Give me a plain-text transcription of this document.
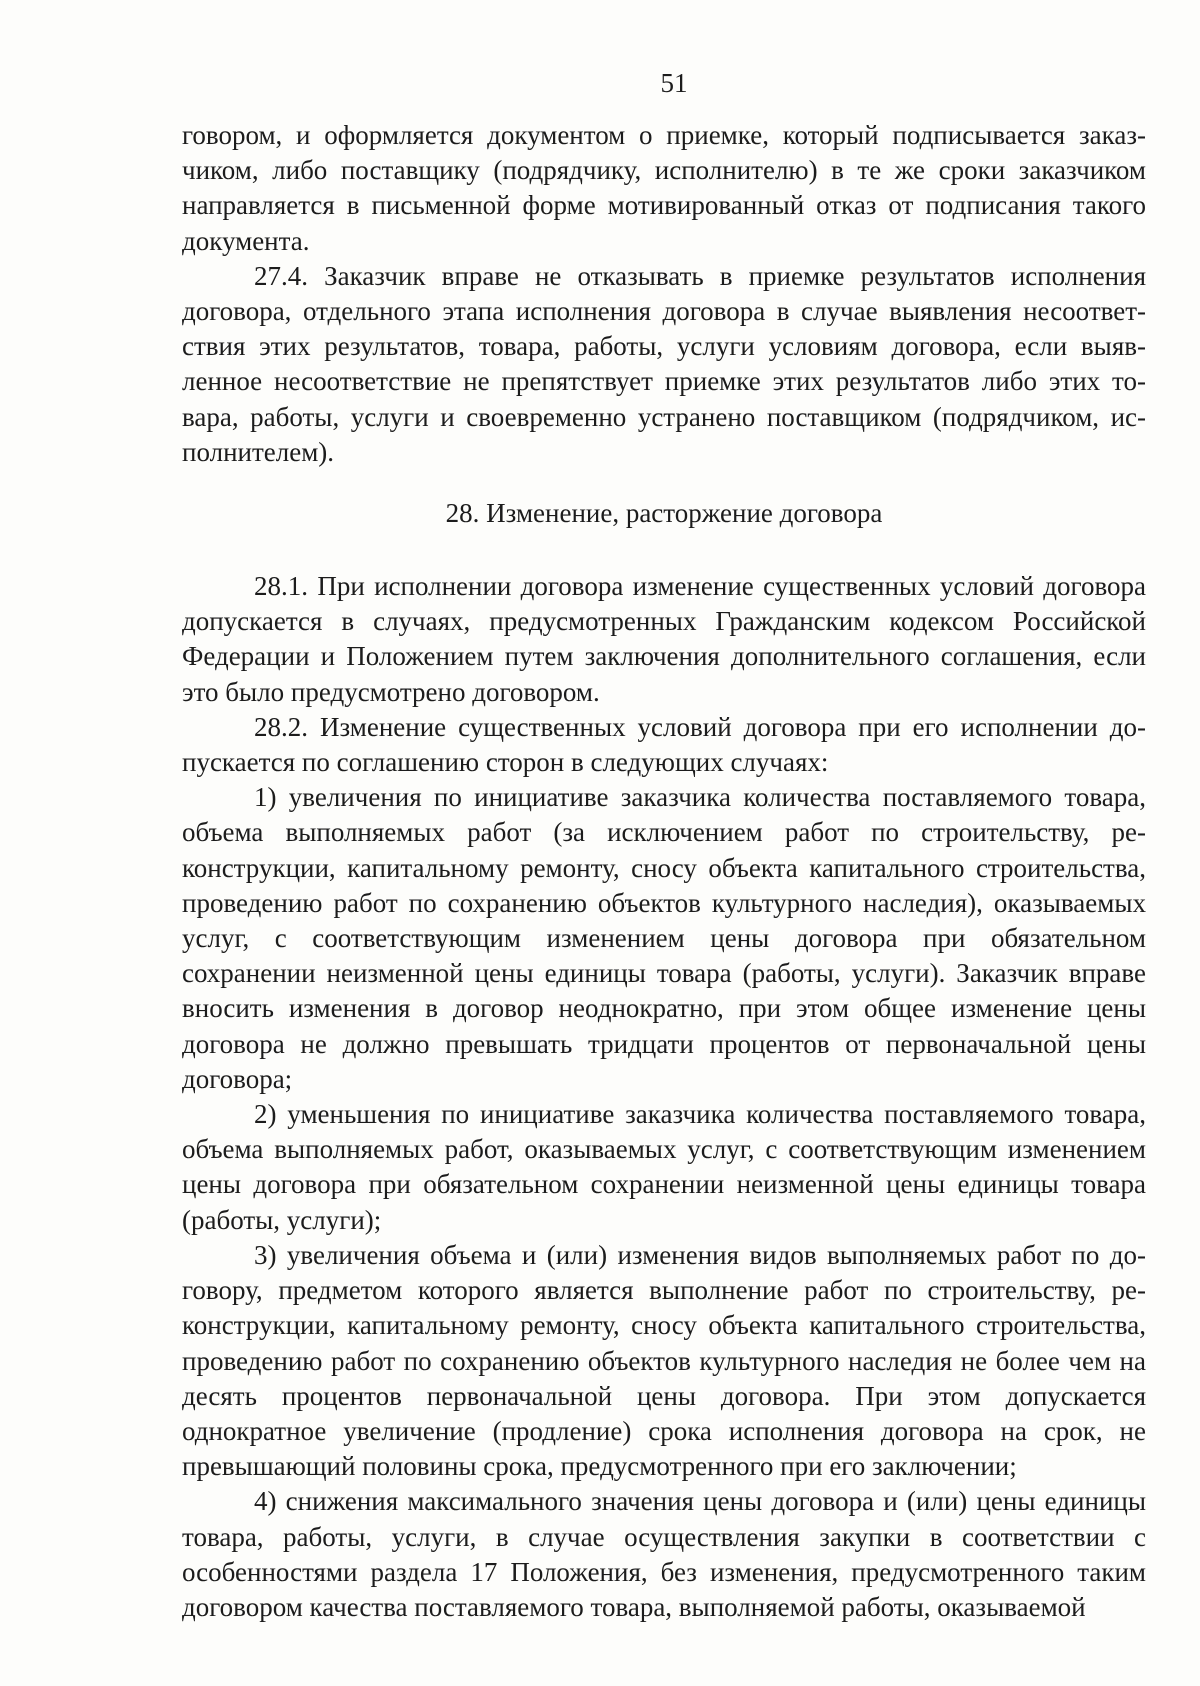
51

говором, и оформляется документом о приемке, который подписывается заказчиком, либо поставщику (подрядчику, исполнителю) в те же сроки заказчиком направляется в письменной форме мотивированный отказ от подписания такого документа.

27.4. Заказчик вправе не отказывать в приемке результатов исполнения договора, отдельного этапа исполнения договора в случае выявления несоответствия этих результатов, товара, работы, услуги условиям договора, если выявленное несоответствие не препятствует приемке этих результатов либо этих товара, работы, услуги и своевременно устранено поставщиком (подрядчиком, исполнителем).

28. Изменение, расторжение договора

28.1. При исполнении договора изменение существенных условий договора допускается в случаях, предусмотренных Гражданским кодексом Российской Федерации и Положением путем заключения дополнительного соглашения, если это было предусмотрено договором.

28.2. Изменение существенных условий договора при его исполнении допускается по соглашению сторон в следующих случаях:

1) увеличения по инициативе заказчика количества поставляемого товара, объема выполняемых работ (за исключением работ по строительству, реконструкции, капитальному ремонту, сносу объекта капитального строительства, проведению работ по сохранению объектов культурного наследия), оказываемых услуг, с соответствующим изменением цены договора при обязательном сохранении неизменной цены единицы товара (работы, услуги). Заказчик вправе вносить изменения в договор неоднократно, при этом общее изменение цены договора не должно превышать тридцати процентов от первоначальной цены договора;

2) уменьшения по инициативе заказчика количества поставляемого товара, объема выполняемых работ, оказываемых услуг, с соответствующим изменением цены договора при обязательном сохранении неизменной цены единицы товара (работы, услуги);

3) увеличения объема и (или) изменения видов выполняемых работ по договору, предметом которого является выполнение работ по строительству, реконструкции, капитальному ремонту, сносу объекта капитального строительства, проведению работ по сохранению объектов культурного наследия не более чем на десять процентов первоначальной цены договора. При этом допускается однократное увеличение (продление) срока исполнения договора на срок, не превышающий половины срока, предусмотренного при его заключении;

4) снижения максимального значения цены договора и (или) цены единицы товара, работы, услуги, в случае осуществления закупки в соответствии с особенностями раздела 17 Положения, без изменения, предусмотренного таким договором качества поставляемого товара, выполняемой работы, оказываемой
